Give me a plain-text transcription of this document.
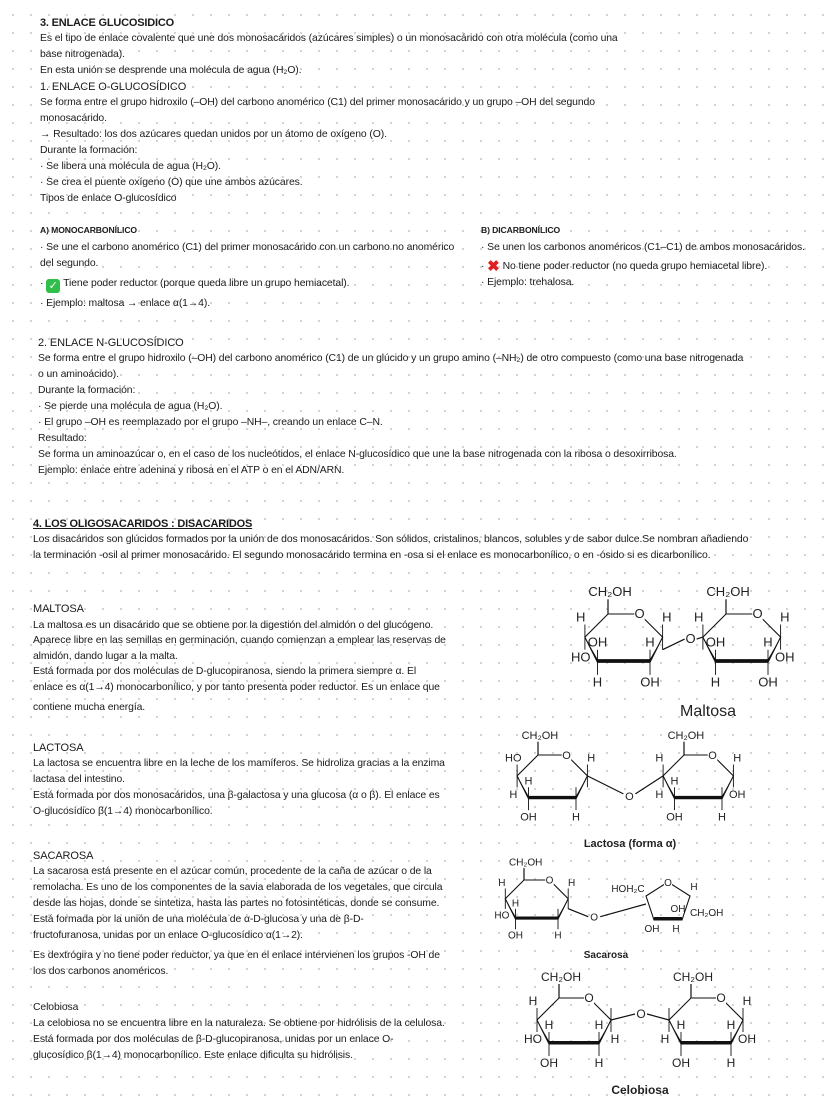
3. ENLACE GLUCOSIDICO
Es el tipo de enlace covalente que une dos monosacáridos (azúcares simples) o un monosacárido con otra molécula (como una
base nitrogenada).
En esta unión se desprende una molécula de agua (H₂O).
1. ENLACE O-GLUCOSÍDICO
Se forma entre el grupo hidroxilo (–OH) del carbono anomérico (C1) del primer monosacárido y un grupo –OH del segundo
monosacárido.
→ Resultado: los dos azúcares quedan unidos por un átomo de oxígeno (O).
Durante la formación:
· Se libera una molécula de agua (H₂O).
· Se crea el puente oxígeno (O) que une ambos azúcares.
Tipos de enlace O-glucosídico
A) MONOCARBONÍLICO
· Se une el carbono anomérico (C1) del primer monosacárido con un carbono no anomérico
del segundo.
· ✓ Tiene poder reductor (porque queda libre un grupo hemiacetal).
· Ejemplo: maltosa → enlace α(1→4).
B) DICARBONÍLICO
· Se unen los carbonos anoméricos (C1–C1) de ambos monosacáridos.
· ✖ No tiene poder reductor (no queda grupo hemiacetal libre).
· Ejemplo: trehalosa.
2. ENLACE N-GLUCOSÍDICO
Se forma entre el grupo hidroxilo (–OH) del carbono anomérico (C1) de un glúcido y un grupo amino (–NH₂) de otro compuesto (como una base nitrogenada
o un aminoácido).
Durante la formación:
· Se pierde una molécula de agua (H₂O).
· El grupo –OH es reemplazado por el grupo –NH–, creando un enlace C–N.
Resultado:
Se forma un aminoazúcar o, en el caso de los nucleótidos, el enlace N-glucosídico que une la base nitrogenada con la ribosa o desoxirribosa.
Ejemplo: enlace entre adenina y ribosa en el ATP o en el ADN/ARN.
4. LOS OLIGOSACARIDOS : DISACARIDOS
Los disacáridos son glúcidos formados por la unión de dos monosacáridos. Son sólidos, cristalinos, blancos, solubles y de sabor dulce.Se nombran añadiendo
la terminación -osil al primer monosacárido. El segundo monosacárido termina en -osa si el enlace es monocarbonílico, o en -ósido si es dicarbonílico.
MALTOSA
La maltosa es un disacárido que se obtiene por la digestión del almidón o del glucógeno.
Aparece libre en las semillas en germinación, cuando comienzan a emplear las reservas de
almidón, dando lugar a la malta.
Está formada por dos moléculas de D-glucopiranosa, siendo la primera siempre α. El
enlace es α(1→4) monocarbonílico, y por tanto presenta poder reductor. Es un enlace que
contiene mucha energía.
LACTOSA
La lactosa se encuentra libre en la leche de los mamíferos. Se hidroliza gracias a la enzima
lactasa del intestino.
Está formada por dos monosacáridos, una β-galactosa y una glucosa (α o β). El enlace es
O-glucosídico β(1→4) monocarbonílico.
SACAROSA
La sacarosa está presente en el azúcar común, procedente de la caña de azúcar o de la
remolacha. Es uno de los componentes de la savia elaborada de los vegetales, que circula
desde las hojas, donde se sintetiza, hasta las partes no fotosintéticas, donde se consume.
Está formada por la unión de una molécula de α-D-glucosa y una de β-D-
fructofuranosa, unidas por un enlace O-glucosídico α(1→2).
Es dextrógira y no tiene poder reductor, ya que en el enlace intervienen los grupos -OH de
los dos carbonos anoméricos.
Celobiosa
La celobiosa no se encuentra libre en la naturaleza. Se obtiene por hidrólisis de la celulosa.
Está formada por dos moléculas de β-D-glucopiranosa, unidas por un enlace O-
glucosídico β(1→4) monocarbonílico. Este enlace dificulta su hidrólisis.
O
CH₂OH
H
HO
OH
H
H
OH
H	O
CH₂OH
H
OH
H
H
OH
H
OH
O
Maltosa
O
CH₂OH
HO
H
H
OH	H
H	O
CH₂OH
H
H
H
OH	H
H
OH
O
Lactosa (forma α)
O
CH₂OH
H
HO
H
OH	H
H	O
HOH₂C	H
CH₂OH
OH
H
OH
O
Sacarosa
O
CH₂OH
H
HO
H
OH
H
H
H
O
CH₂OH
H
H
OH
H
H
H
OH
O
Celobiosa
